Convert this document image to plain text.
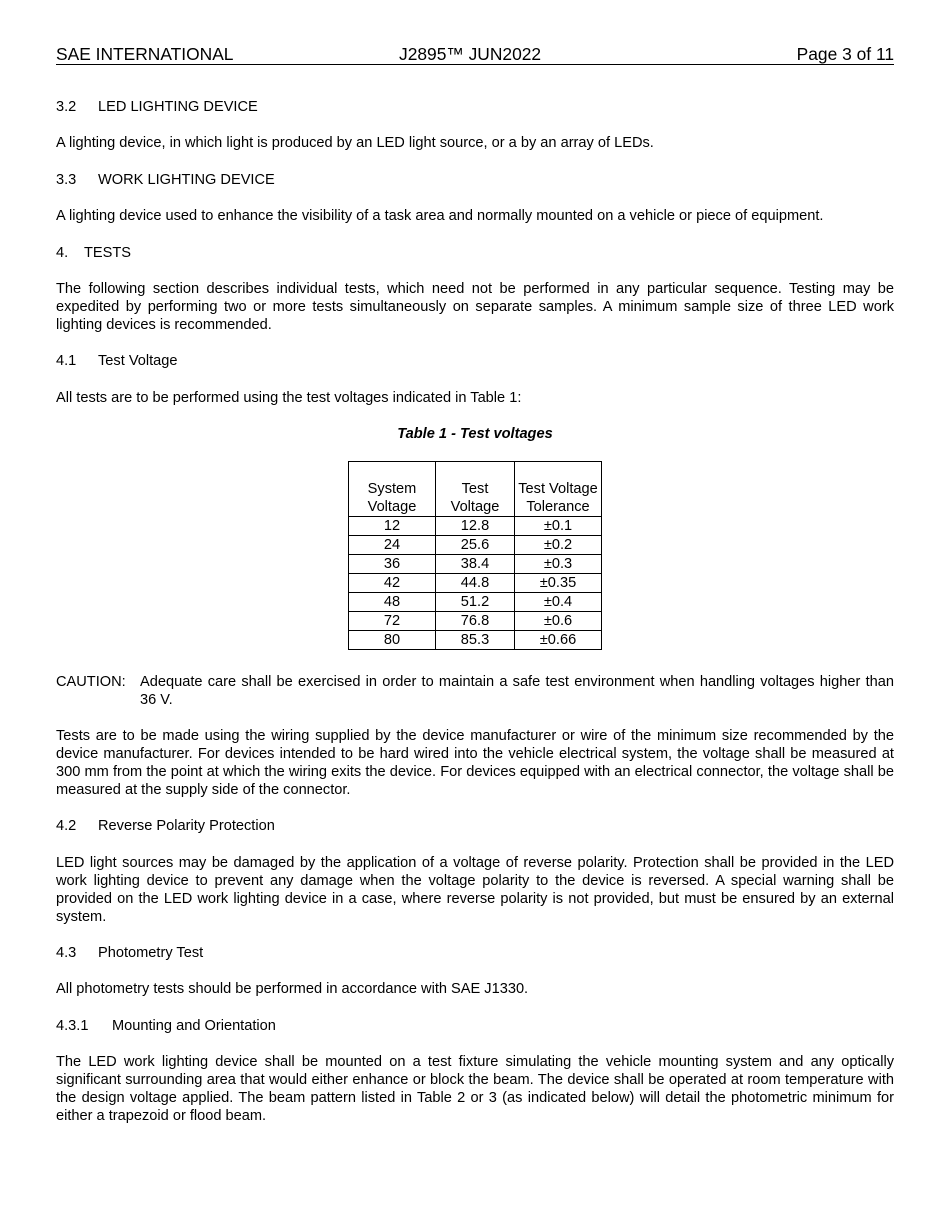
SAE INTERNATIONAL	J2895™ JUN2022	Page 3 of 11
3.2 LED LIGHTING DEVICE
A lighting device, in which light is produced by an LED light source, or a by an array of LEDs.
3.3 WORK LIGHTING DEVICE
A lighting device used to enhance the visibility of a task area and normally mounted on a vehicle or piece of equipment.
4. TESTS
The following section describes individual tests, which need not be performed in any particular sequence. Testing may be expedited by performing two or more tests simultaneously on separate samples. A minimum sample size of three LED work lighting devices is recommended.
4.1 Test Voltage
All tests are to be performed using the test voltages indicated in Table 1:
Table 1 - Test voltages
System Voltage	Test Voltage	Test Voltage Tolerance
12	12.8	±0.1
24	25.6	±0.2
36	38.4	±0.3
42	44.8	±0.35
48	51.2	±0.4
72	76.8	±0.6
80	85.3	±0.66
CAUTION: Adequate care shall be exercised in order to maintain a safe test environment when handling voltages higher than 36 V.
Tests are to be made using the wiring supplied by the device manufacturer or wire of the minimum size recommended by the device manufacturer. For devices intended to be hard wired into the vehicle electrical system, the voltage shall be measured at 300 mm from the point at which the wiring exits the device. For devices equipped with an electrical connector, the voltage shall be measured at the supply side of the connector.
4.2 Reverse Polarity Protection
LED light sources may be damaged by the application of a voltage of reverse polarity. Protection shall be provided in the LED work lighting device to prevent any damage when the voltage polarity to the device is reversed. A special warning shall be provided on the LED work lighting device in a case, where reverse polarity is not provided, but must be ensured by an external system.
4.3 Photometry Test
All photometry tests should be performed in accordance with SAE J1330.
4.3.1 Mounting and Orientation
The LED work lighting device shall be mounted on a test fixture simulating the vehicle mounting system and any optically significant surrounding area that would either enhance or block the beam. The device shall be operated at room temperature with the design voltage applied. The beam pattern listed in Table 2 or 3 (as indicated below) will detail the photometric minimum for either a trapezoid or flood beam.
